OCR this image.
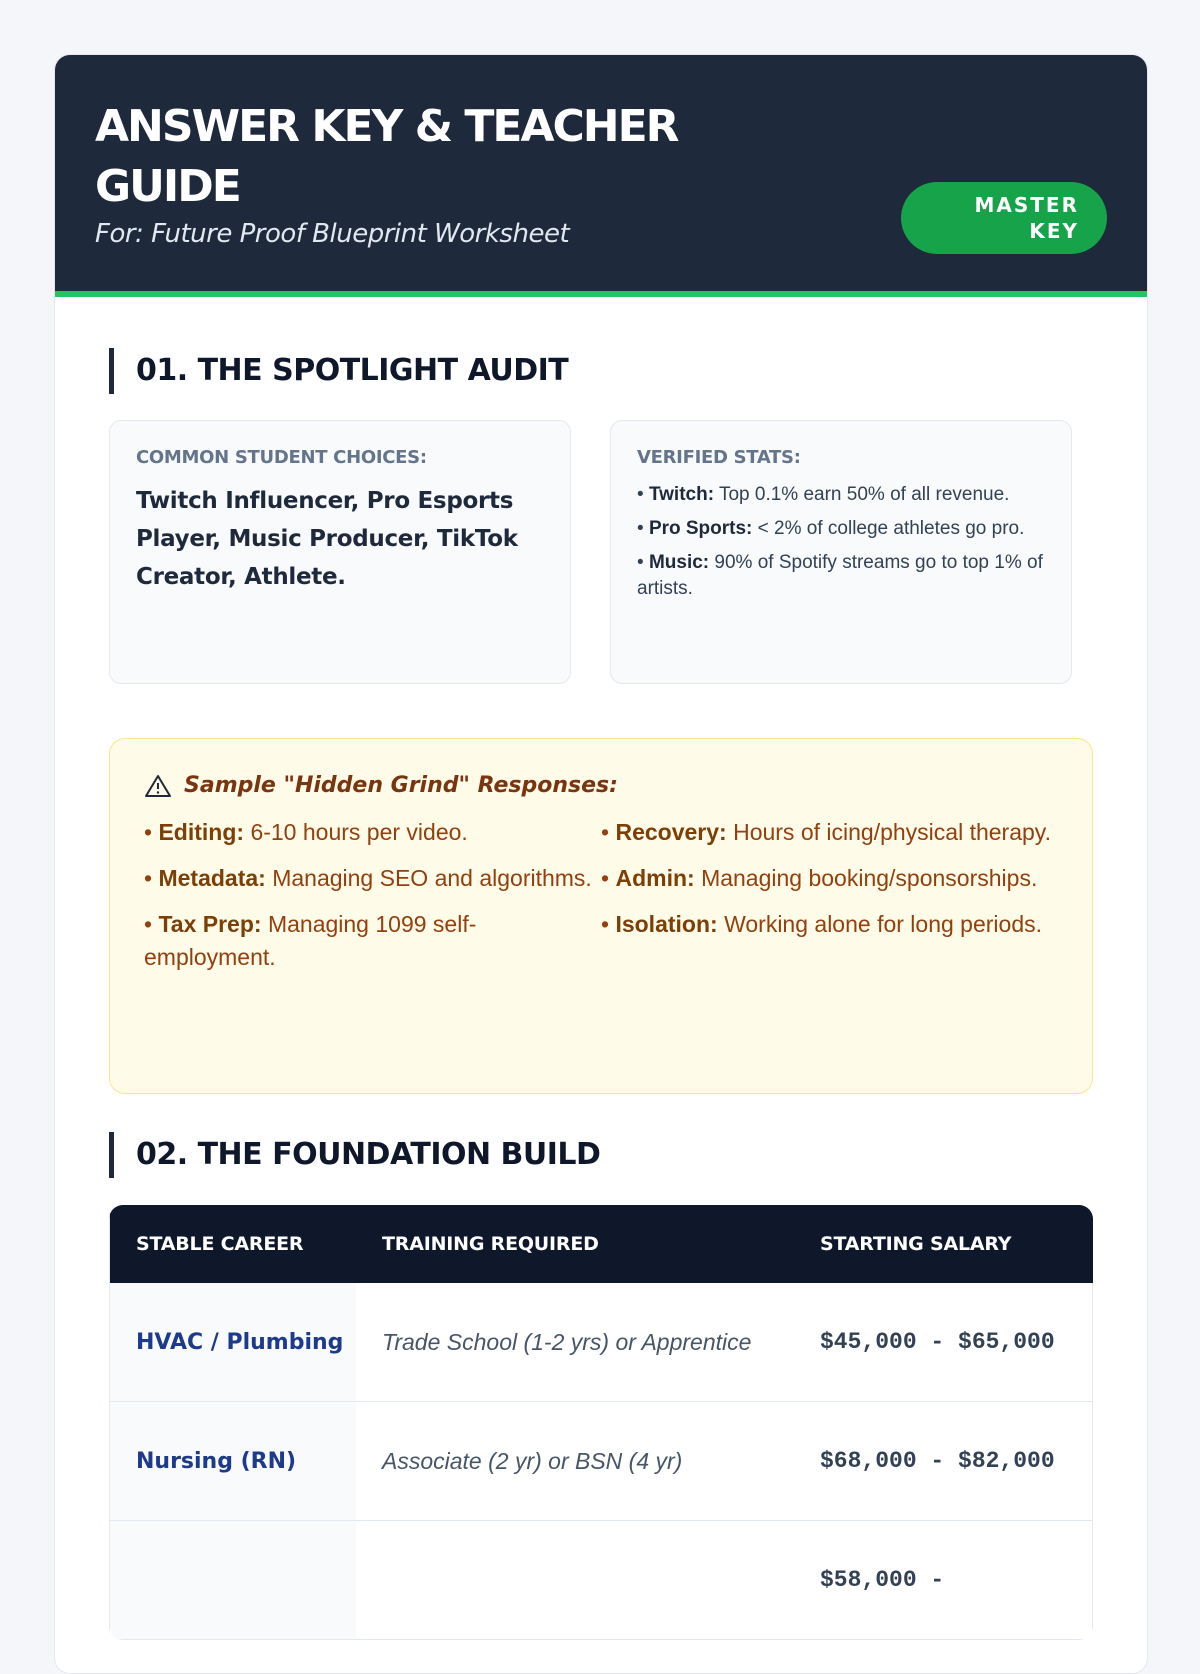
ANSWER KEY & TEACHER GUIDE

For: Future Proof Blueprint Worksheet

MASTER
KEY
01. THE SPOTLIGHT AUDIT

COMMON STUDENT CHOICES:

Twitch Influencer, Pro Esports Player, Music Producer, TikTok Creator, Athlete.

VERIFIED STATS:

• Twitch: Top 0.1% earn 50% of all revenue.
• Pro Sports: < 2% of college athletes go pro.
• Music: 90% of Spotify streams go to top 1% of artists.
Sample "Hidden Grind" Responses:
• Editing: 6-10 hours per video.
• Metadata: Managing SEO and algorithms.
• Tax Prep: Managing 1099 self-employment.
• Recovery: Hours of icing/physical therapy.
• Admin: Managing booking/sponsorships.
• Isolation: Working alone for long periods.
02. THE FOUNDATION BUILD
STABLE CAREER	TRAINING REQUIRED	STARTING SALARY
HVAC / Plumbing	Trade School (1-2 yrs) or Apprentice	$45,000 - $65,000
Nursing (RN)	Associate (2 yr) or BSN (4 yr)	$68,000 - $82,000
		$58,000 -
